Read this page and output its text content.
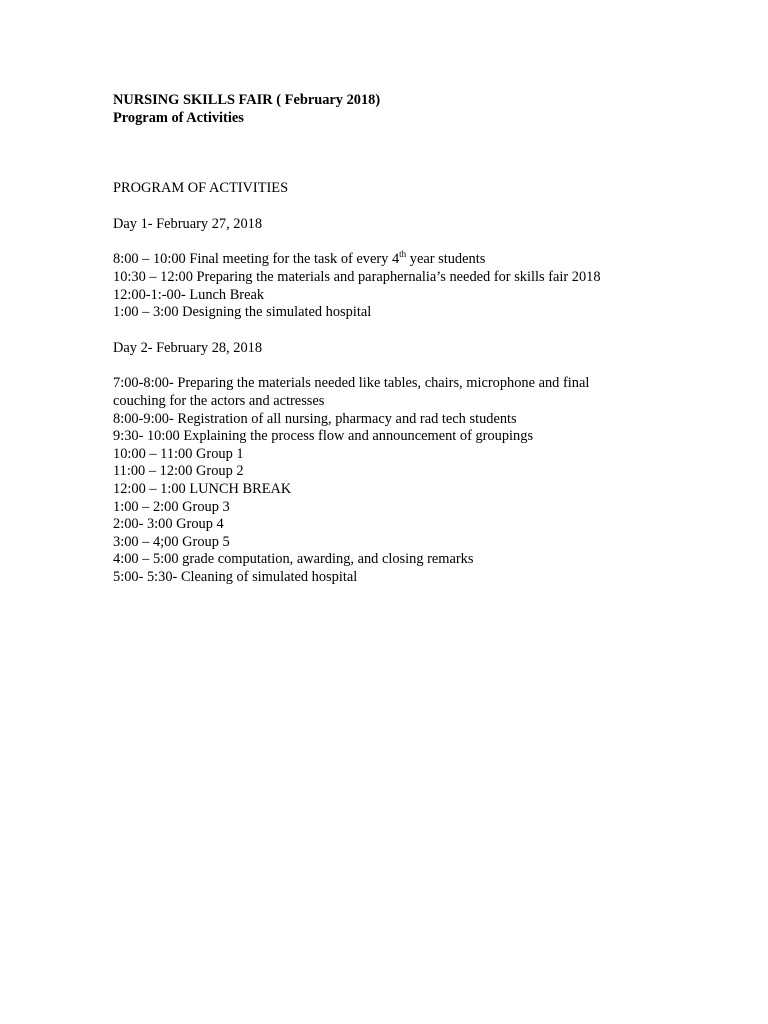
NURSING SKILLS FAIR ( February 2018)
Program of Activities
PROGRAM OF ACTIVITIES
Day 1- February 27, 2018
8:00 – 10:00 Final meeting for the task of every 4th year students
10:30 – 12:00 Preparing the materials and paraphernalia’s needed for skills fair 2018
12:00-1:-00- Lunch Break
1:00 – 3:00 Designing the simulated hospital
Day 2- February 28, 2018
7:00-8:00- Preparing the materials needed like tables, chairs, microphone and final couching for the actors and actresses
8:00-9:00- Registration of all nursing, pharmacy and rad tech students
9:30- 10:00 Explaining the process flow and announcement of groupings
10:00 – 11:00 Group 1
11:00 – 12:00 Group 2
12:00 – 1:00 LUNCH BREAK
1:00 – 2:00 Group 3
2:00- 3:00 Group 4
3:00 – 4;00 Group 5
4:00 – 5:00 grade computation, awarding, and closing remarks
5:00- 5:30- Cleaning of simulated hospital
